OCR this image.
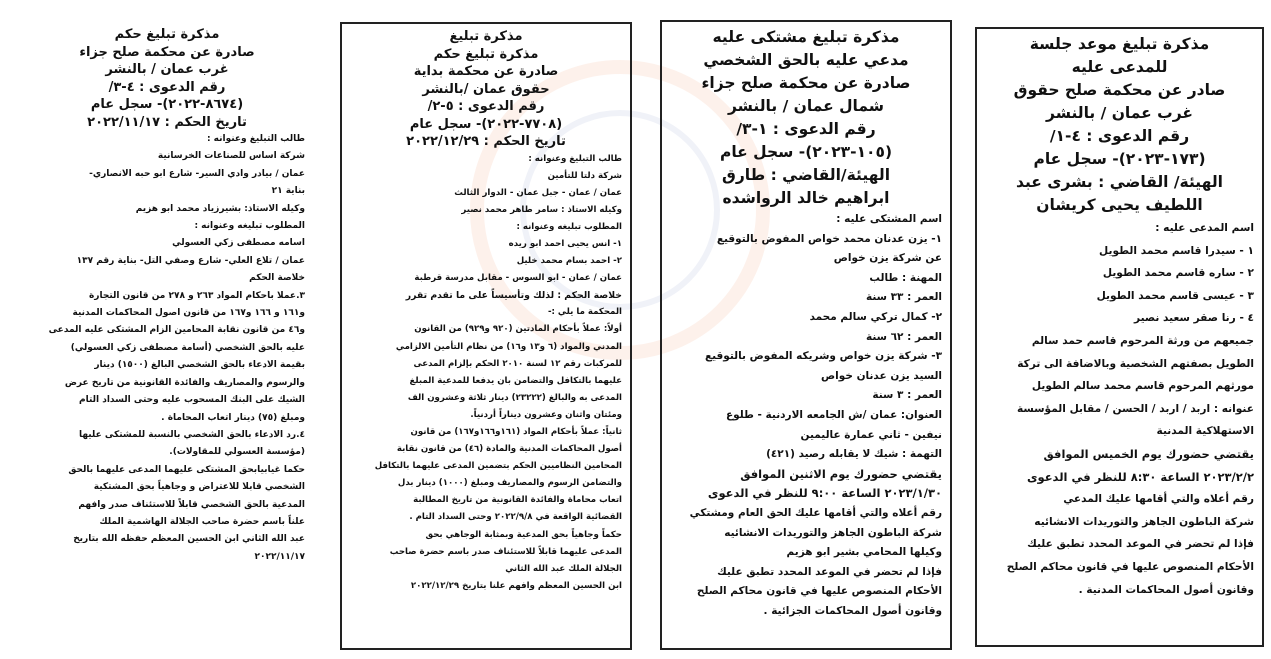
مذكرة تبليغ موعد جلسة
للمدعى عليه
صادر عن محكمة صلح حقوق
غرب عمان / بالنشر
رقم الدعوى : ٤-١/
(١٧٣-٢٠٢٣)- سجل عام
الهيئة/ القاضي : بشرى عبد
اللطيف يحيى كريشان

اسم المدعى عليه :

١ - سيدرا قاسم محمد الطويل

٢ - ساره قاسم محمد الطويل

٣ - عيسى قاسم محمد الطويل

٤ - رنا صقر سعيد نصير

جميعهم من ورثة المرحوم قاسم حمد سالم

الطويل بصفتهم الشخصية وبالاضافة الى تركة

مورثهم المرحوم قاسم محمد سالم الطويل

عنوانه : اربد / اربد / الحسن / مقابل المؤسسة

الاستهلاكية المدنية

يقتضي حضورك يوم الخميس الموافق

٢٠٢٣/٢/٢ الساعة ٨:٣٠ للنظر في الدعوى

رقم أعلاه والتي أقامها عليك المدعي

شركة الباطون الجاهز والتوريدات الانشائيه

فإذا لم تحضر في الموعد المحدد تطبق عليك

الأحكام المنصوص عليها في قانون محاكم الصلح

وقانون أصول المحاكمات المدنية .

مذكرة تبليغ مشتكى عليه
مدعي عليه بالحق الشخصي
صادرة عن محكمة صلح جزاء
شمال عمان / بالنشر
رقم الدعوى : ١-٣/
(١٠٥-٢٠٢٣)- سجل عام
الهيئة/القاضي : طارق
ابراهيم خالد الرواشده

اسم المشتكى عليه :

١- يزن عدنان محمد خواص المفوض بالتوقيع

عن شركة يزن خواص

المهنة : طالب

العمر : ٣٣ سنة

٢- كمال تركي سالم محمد

العمر : ٦٢ سنة

٣- شركة يزن خواص وشريكه المفوض بالتوقيع

السيد يزن عدنان خواص

العمر : ٣ سنة

العنوان: عمان /ش الجامعه الاردنية - طلوع

نيفين - ثاني عمارة عاليمين

التهمة : شيك لا يقابله رصيد (٤٢١)

يقتضي حضورك يوم الاثنين الموافق

٢٠٢٣/١/٣٠ الساعة ٩:٠٠ للنظر في الدعوى

رقم أعلاه والتي أقامها عليك الحق العام ومشتكي

شركة الباطون الجاهز والتوريدات الانشائيه

وكيلها المحامي بشير ابو هزيم

فإذا لم تحضر في الموعد المحدد تطبق عليك

الأحكام المنصوص عليها في قانون محاكم الصلح

وقانون أصول المحاكمات الجزائية .

مذكرة تبليغ
مذكرة تبليغ حكم
صادرة عن محكمة بداية
حقوق عمان /بالنشر
رقم الدعوى : ٥-٢/
(٧٧٠٨-٢٠٢٢)- سجل عام
تاريخ الحكم : ٢٠٢٢/١٢/٢٩

طالب التبليغ وعنوانه :

شركة دلتا للتأمين

عمان / عمان - جبل عمان - الدوار الثالث

وكيله الاستاذ : سامر طاهر محمد نصير

المطلوب تبليغه وعنوانه :

١- انس يحيى احمد ابو ريده

٢- احمد بسام محمد خليل

عمان / عمان - ابو السوس - مقابل مدرسة قرطبة

خلاصة الحكم : لذلك وتأسيساً على ما تقدم تقرر

المحكمة ما يلي :-

أولاً: عملاً بأحكام المادتين (٩٢٠ و٩٢٩) من القانون

المدني والمواد (٦ و١٣ و١٦) من نظام التأمين الالزامي

للمركبات رقم ١٢ لسنة ٢٠١٠ الحكم بإلزام المدعى

عليهما بالتكافل والتضامن بان يدفعا للمدعية المبلغ

المدعى به والبالغ (٢٣٢٢٢) دينار ثلاثة وعشرون الف

ومئتان واثنان وعشرون ديناراً أردنياً.

ثانياً: عملاً بأحكام المواد (١٦١و١٦٦و١٦٧) من قانون

أصول المحاكمات المدنية والمادة (٤٦) من قانون نقابة

المحامين النظاميين الحكم بتضمين المدعى عليهما بالتكافل

والتضامن الرسوم والمصاريف ومبلغ (١٠٠٠) دينار بدل

اتعاب محاماة والفائدة القانونية من تاريخ المطالبة

القضائية الواقعة في ٢٠٢٢/٩/٨ وحتى السداد التام .

حكماً وجاهياً بحق المدعية وبمثابة الوجاهي بحق

المدعى عليهما قابلاً للاستئناف صدر باسم حضرة صاحب

الجلالة الملك عبد الله الثاني

ابن الحسين المعظم وافهم علنا بتاريخ ٢٠٢٢/١٢/٢٩

مذكرة تبليغ حكم
صادرة عن محكمة صلح جزاء
غرب عمان / بالنشر
رقم الدعوى : ٤-٣/
(٨٦٧٤-٢٠٢٢)- سجل عام
تاريخ الحكم : ٢٠٢٢/١١/١٧

طالب التبليغ وعنوانه :

شركة اساس للصناعات الخرسانية

عمان / بيادر وادي السير- شارع ابو حبه الانصاري-

بناية ٢١

وكيله الاستاذ: بشيرزياد محمد ابو هزيم

المطلوب تبليغه وعنوانه :

اسامه مصطفى زكي العسولي

عمان / تلاع العلي- شارع وصفي التل- بناية رقم ١٣٧

خلاصة الحكم

٣.عملا باحكام المواد ٢٦٣ و ٢٧٨ من قانون التجارة

و١٦١ و ١٦٦ و١٦٧ من قانون اصول المحاكمات المدنية

و٤٦ من قانون نقابة المحامين الزام المشتكى عليه المدعى

عليه بالحق الشخصي (أسامة مصطفى زكي العسولي)

بقيمة الادعاء بالحق الشخصي البالغ (١٥٠٠) دينار

والرسوم والمصاريف والفائدة القانونية من تاريخ عرض

الشيك على البنك المسحوب عليه وحتى السداد التام

ومبلغ (٧٥) دينار اتعاب المحاماة .

٤.رد الادعاء بالحق الشخصي بالنسبة للمشتكى عليها

(مؤسسة العسولي للمقاولات).

حكما غيابيابحق المشتكى عليهما المدعى عليهما بالحق

الشخصي قابلا للاعتراض و وجاهياً بحق المشتكية

المدعية بالحق الشخصي قابلاً للاستئناف صدر وافهم

علناً باسم حضرة صاحب الجلالة الهاشمية الملك

عبد الله الثاني ابن الحسين المعظم حفظه الله بتاريخ

٢٠٢٢/١١/١٧
